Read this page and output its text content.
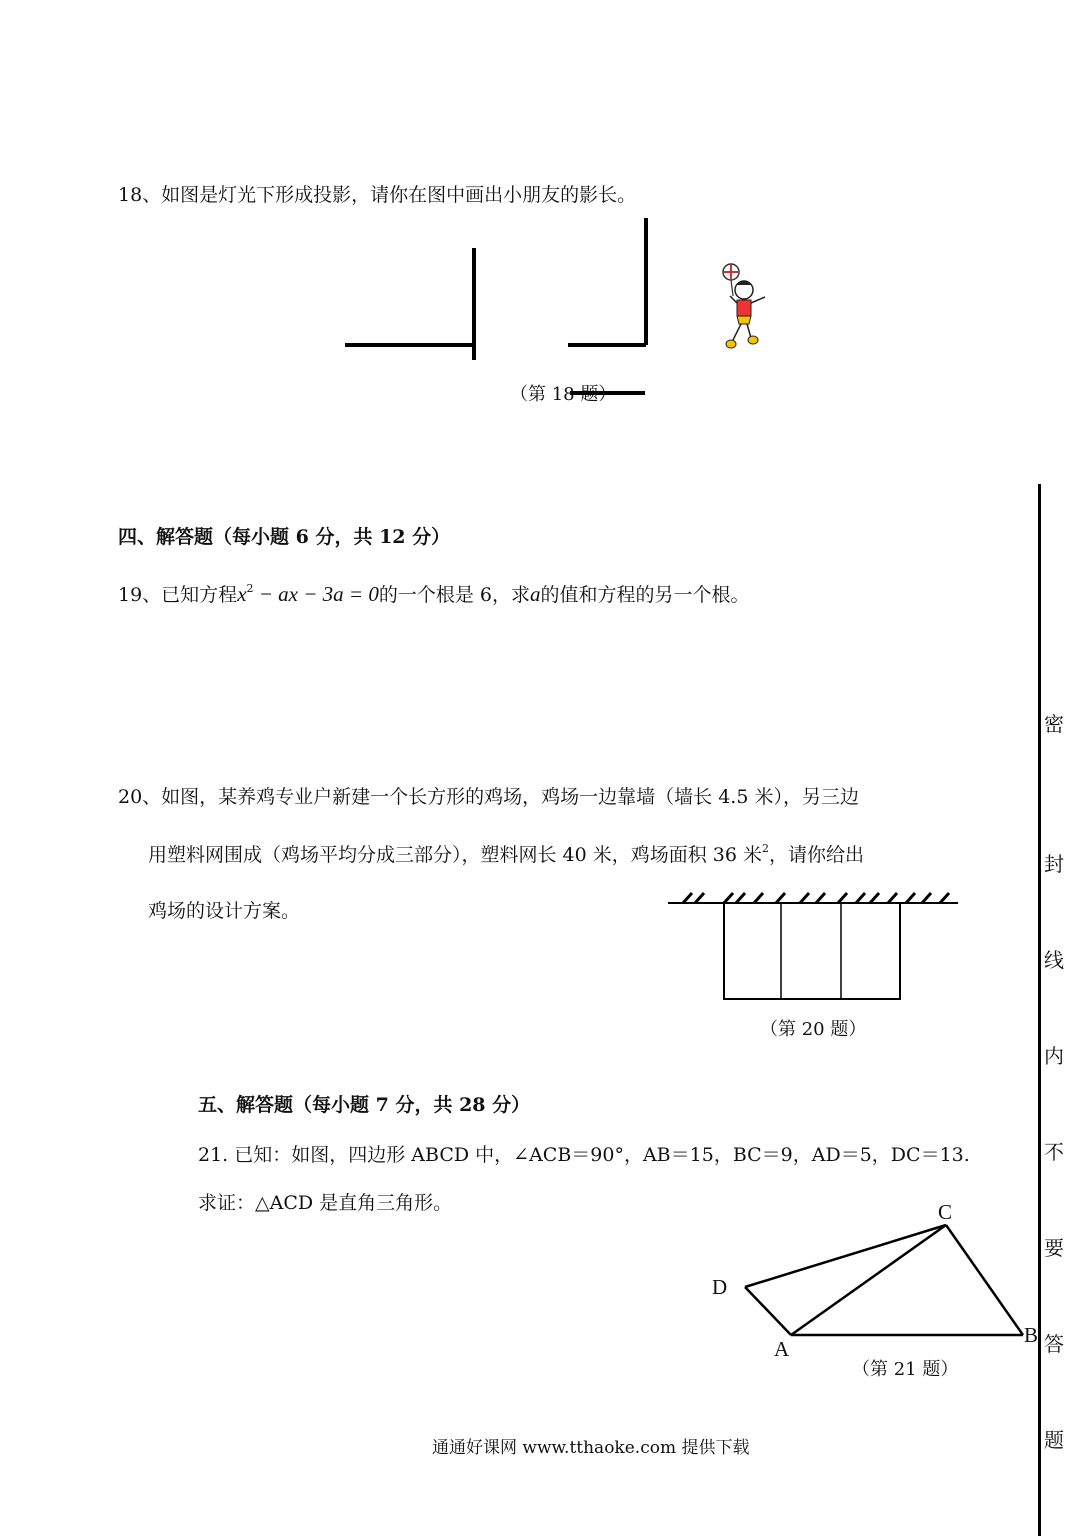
18、如图是灯光下形成投影，请你在图中画出小朋友的影长。
（第 18 题）
四、解答题（每小题 6 分，共 12 分）
19、已知方程$x^2$ − ax − 3a = 0的一个根是 6，求a的值和方程的另一个根。
20、如图，某养鸡专业户新建一个长方形的鸡场，鸡场一边靠墙（墙长 4.5 米），另三边
用塑料网围成（鸡场平均分成三部分），塑料网长 40 米，鸡场面积 36 米$^2$，请你给出
鸡场的设计方案。
（第 20 题）
五、解答题（每小题 7 分，共 28 分）
21. 已知：如图，四边形 ABCD 中，∠ACB＝90°，AB＝15，BC＝9，AD＝5，DC＝13.
求证：△ACD 是直角三角形。	C
D
A
B
（第 21 题）
通通好课网 www.tthaoke.com 提供下载
密
封
线
内
不
要
答
题
